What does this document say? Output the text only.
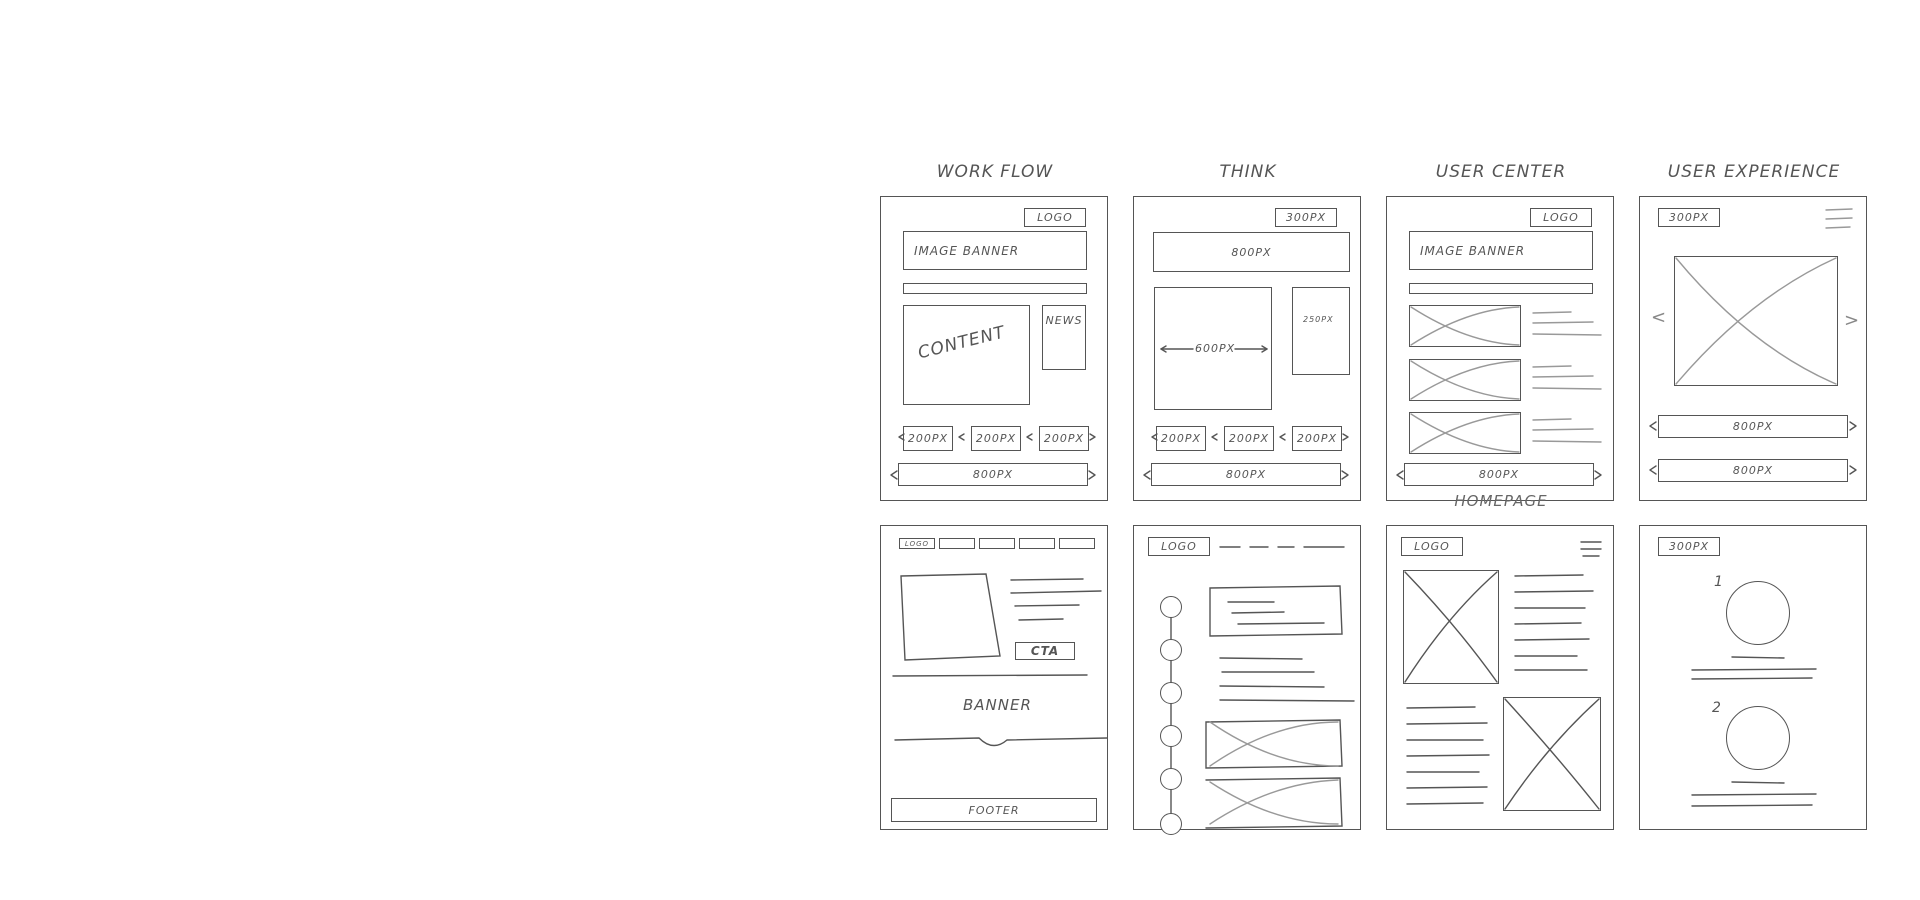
WORK FLOW	THINK	USER CENTER	USER EXPERIENCE
LOGO
IMAGE BANNER
CONTENT
NEWS
200PX	200PX	200PX
800PX
300PX
800PX
600PX
250PX
200PX	200PX	200PX
800PX
LOGO
IMAGE BANNER
800PX
300PX
<	>
800PX
800PX
LOGO
CTA
BANNER
FOOTER
LOGO
HOMEPAGE
LOGO	300PX
1
2
